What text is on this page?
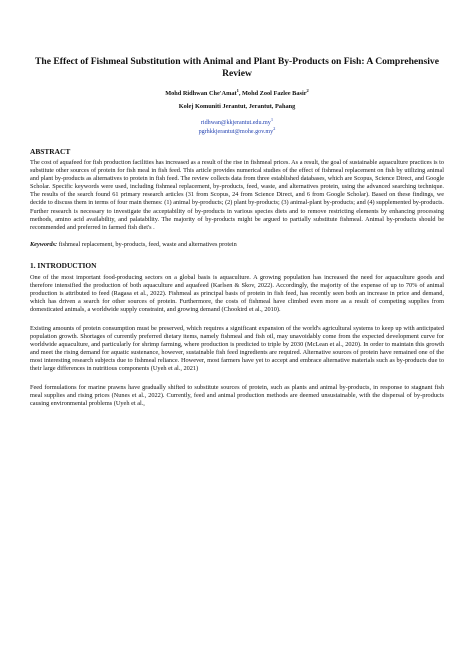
The Effect of Fishmeal Substitution with Animal and Plant By-Products on Fish: A Comprehensive Review
Mohd Ridhwan Che'Amat$^1$, Mohd Zool Fazlee Basir$^2$
Kolej Komuniti Jerantut, Jerantut, Pahang
$ridhwan@kkjerantut.edu.my^1$
$pgrhkkjerantut@mohe.gov.my^2$
ABSTRACT

The cost of aquafeed for fish production facilities has increased as a result of the rise in fishmeal prices. As a result, the goal of sustainable aquaculture practices is to substitute other sources of protein for fish meal in fish feed. This article provides numerical studies of the effect of fishmeal replacement on fish by utilizing animal and plant by-products as alternatives to protein in fish feed. The review collects data from three established databases, which are Scopus, Science Direct, and Google Scholar. Specific keywords were used, including fishmeal replacement, by-products, feed, waste, and alternatives protein, using the advanced searching technique. The results of the search found 61 primary research articles (31 from Scopus, 24 from Science Direct, and 6 from Google Scholar). Based on these findings, we decide to discuss them in terms of four main themes: (1) animal by-products; (2) plant by-products; (3) animal-plant by-products; and (4) supplemented by-products. Further research is necessary to investigate the acceptability of by-products in various species diets and to remove restricting elements by enhancing processing methods, amino acid availability, and palatability. The majority of by-products might be argued to partially substitute fishmeal. Animal by-products should be recommended and preferred in farmed fish diet's .

Keywords: fishmeal replacement, by-products, feed, waste and alternatives protein
1. INTRODUCTION

One of the most important food-producing sectors on a global basis is aquaculture. A growing population has increased the need for aquaculture goods and therefore intensified the production of both aquaculture and aquafeed (Karlsen & Skov, 2022). Accordingly, the majority of the expense of up to 70% of animal production is attributed to feed (Ragasa et al., 2022). Fishmeal as principal basis of protein in fish feed, has recently seen both an increase in price and demand, which has driven a search for other sources of protein. Furthermore, the costs of fishmeal have climbed even more as a result of competing supplies from domesticated animals, a worldwide supply constraint, and growing demand (Chookird et al., 2010).

Existing amounts of protein consumption must be preserved, which requires a significant expansion of the world's agricultural systems to keep up with anticipated population growth. Shortages of currently preferred dietary items, namely fishmeal and fish oil, may unavoidably come from the expected development curve for worldwide aquaculture, and particularly for shrimp farming, where production is predicted to triple by 2030 (McLean et al., 2020). In order to maintain this growth and meet the rising demand for aquatic sustenance, however, sustainable fish feed ingredients are required. Alternative sources of protein have remained one of the most interesting research subjects due to fishmeal reliance. However, most farmers have yet to accept and embrace alternative materials such as by-products due to their large differences in nutritious components (Uyeh et al., 2021)

Feed formulations for marine prawns have gradually shifted to substitute sources of protein, such as plants and animal by-products, in response to stagnant fish meal supplies and rising prices (Nunes et al., 2022). Currently, feed and animal production methods are deemed unsustainable, with the dispersal of by-products causing environmental problems (Uyeh et al.,
